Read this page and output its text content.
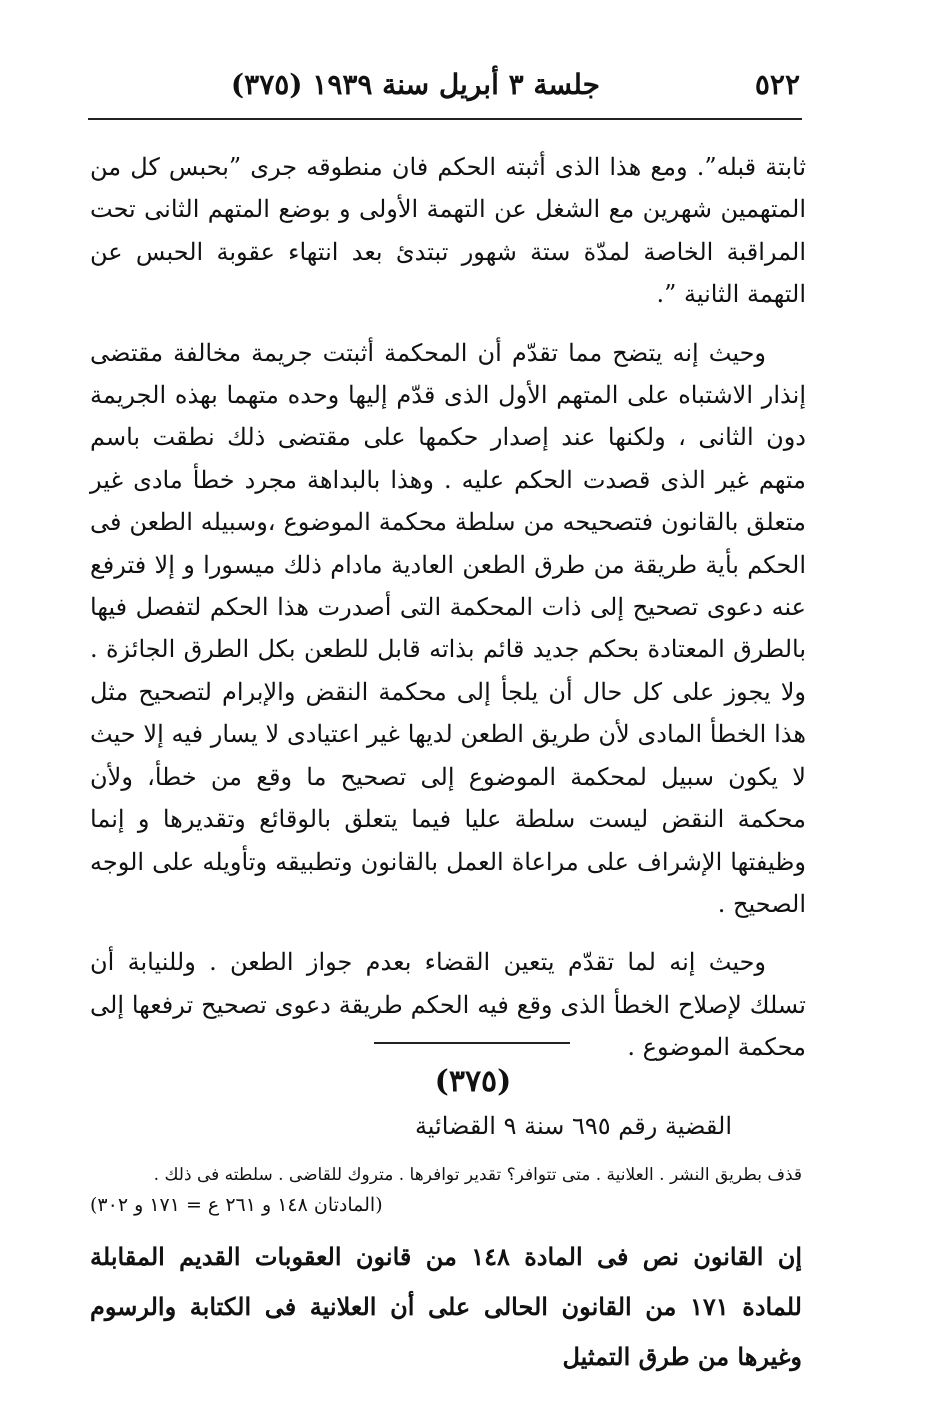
٥٢٢
جلسة ٣ أبريل سنة ١٩٣٩ (٣٧٥)

ثابتة قبله”. ومع هذا الذى أثبته الحكم فان منطوقه جرى ”بحبس كل من المتهمين شهرين مع الشغل عن التهمة الأولى و بوضع المتهم الثانى تحت المراقبة الخاصة لمدّة ستة شهور تبتدئ بعد انتهاء عقوبة الحبس عن التهمة الثانية ”.

وحيث إنه يتضح مما تقدّم أن المحكمة أثبتت جريمة مخالفة مقتضى إنذار الاشتباه على المتهم الأول الذى قدّم إليها وحده متهما بهذه الجريمة دون الثانى ، ولكنها عند إصدار حكمها على مقتضى ذلك نطقت باسم متهم غير الذى قصدت الحكم عليه . وهذا بالبداهة مجرد خطأ مادى غير متعلق بالقانون فتصحيحه من سلطة محكمة الموضوع ،وسبيله الطعن فى الحكم بأية طريقة من طرق الطعن العادية مادام ذلك ميسورا و إلا فترفع عنه دعوى تصحيح إلى ذات المحكمة التى أصدرت هذا الحكم لتفصل فيها بالطرق المعتادة بحكم جديد قائم بذاته قابل للطعن بكل الطرق الجائزة . ولا يجوز على كل حال أن يلجأ إلى محكمة النقض والإبرام لتصحيح مثل هذا الخطأ المادى لأن طريق الطعن لديها غير اعتيادى لا يسار فيه إلا حيث لا يكون سبيل لمحكمة الموضوع إلى تصحيح ما وقع من خطأ، ولأن محكمة النقض ليست سلطة عليا فيما يتعلق بالوقائع وتقديرها و إنما وظيفتها الإشراف على مراعاة العمل بالقانون وتطبيقه وتأويله على الوجه الصحيح .

وحيث إنه لما تقدّم يتعين القضاء بعدم جواز الطعن . وللنيابة أن تسلك لإصلاح الخطأ الذى وقع فيه الحكم طريقة دعوى تصحيح ترفعها إلى محكمة الموضوع .

(٣٧٥)
القضية رقم ٦٩٥ سنة ٩ القضائية
قذف بطريق النشر . العلانية . متى تتوافر؟ تقدير توافرها . متروك للقاضى . سلطته فى ذلك .
(المادتان ١٤٨ و ٢٦١ ع = ١٧١ و ٣٠٢)
إن القانون نص فى المادة ١٤٨ من قانون العقوبات القديم المقابلة للمادة ١٧١ من القانون الحالى على أن العلانية فى الكتابة والرسوم وغيرها من طرق التمثيل
